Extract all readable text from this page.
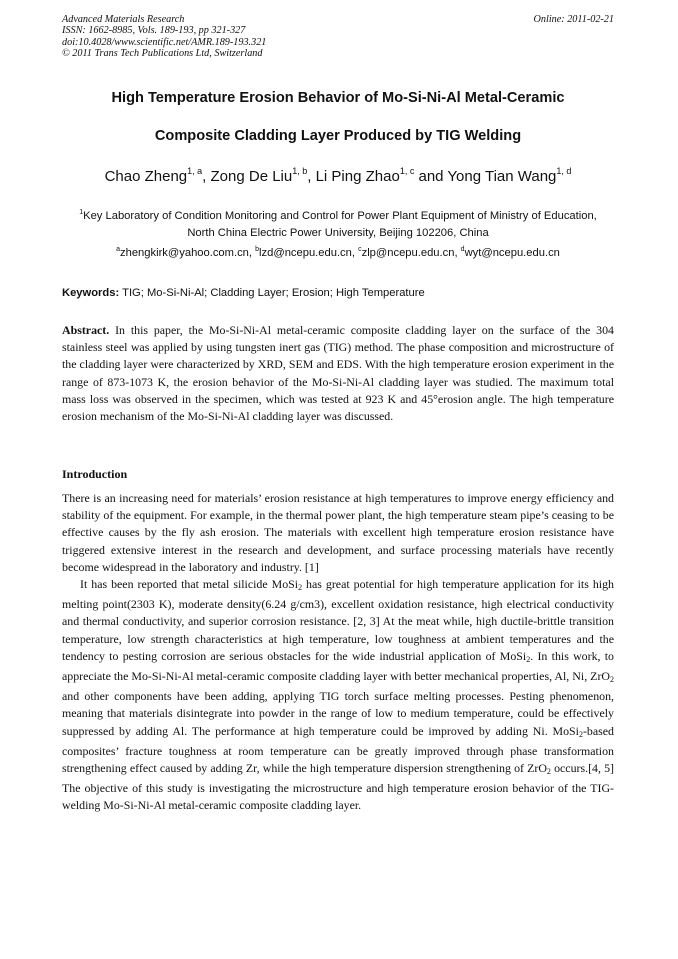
Advanced Materials Research
ISSN: 1662-8985, Vols. 189-193, pp 321-327
doi:10.4028/www.scientific.net/AMR.189-193.321
© 2011 Trans Tech Publications Ltd, Switzerland
Online: 2011-02-21
High Temperature Erosion Behavior of Mo-Si-Ni-Al Metal-Ceramic
Composite Cladding Layer Produced by TIG Welding
Chao Zheng$^{1, a}$, Zong De Liu$^{1, b}$, Li Ping Zhao$^{1, c}$ and Yong Tian Wang$^{1, d}$
$^1$Key Laboratory of Condition Monitoring and Control for Power Plant Equipment of Ministry of Education, North China Electric Power University, Beijing 102206, China
$^a$zhengkirk@yahoo.com.cn, $^b$lzd@ncepu.edu.cn, $^c$zlp@ncepu.edu.cn, $^d$wyt@ncepu.edu.cn
Keywords: TIG; Mo-Si-Ni-Al; Cladding Layer; Erosion; High Temperature
Abstract. In this paper, the Mo-Si-Ni-Al metal-ceramic composite cladding layer on the surface of the 304 stainless steel was applied by using tungsten inert gas (TIG) method. The phase composition and microstructure of the cladding layer were characterized by XRD, SEM and EDS. With the high temperature erosion experiment in the range of 873-1073 K, the erosion behavior of the Mo-Si-Ni-Al cladding layer was studied. The maximum total mass loss was observed in the specimen, which was tested at 923 K and 45°erosion angle. The high temperature erosion mechanism of the Mo-Si-Ni-Al cladding layer was discussed.
Introduction

There is an increasing need for materials’ erosion resistance at high temperatures to improve energy efficiency and stability of the equipment. For example, in the thermal power plant, the high temperature steam pipe’s ceasing to be effective causes by the fly ash erosion. The materials with excellent high temperature erosion resistance have triggered extensive interest in the research and development, and surface processing materials have recently become widespread in the laboratory and industry. [1]

It has been reported that metal silicide MoSi$_2$ has great potential for high temperature application for its high melting point(2303 K), moderate density(6.24 g/cm3), excellent oxidation resistance, high electrical conductivity and thermal conductivity, and superior corrosion resistance. [2, 3] At the meat while, high ductile-brittle transition temperature, low strength characteristics at high temperature, low toughness at ambient temperatures and the tendency to pesting corrosion are serious obstacles for the wide industrial application of MoSi$_2$. In this work, to appreciate the Mo-Si-Ni-Al metal-ceramic composite cladding layer with better mechanical properties, Al, Ni, ZrO$_2$ and other components have been adding, applying TIG torch surface melting processes. Pesting phenomenon, meaning that materials disintegrate into powder in the range of low to medium temperature, could be effectively suppressed by adding Al. The performance at high temperature could be improved by adding Ni. MoSi$_2$-based composites’ fracture toughness at room temperature can be greatly improved through phase transformation strengthening effect caused by adding Zr, while the high temperature dispersion strengthening of ZrO$_2$ occurs.[4, 5] The objective of this study is investigating the microstructure and high temperature erosion behavior of the TIG-welding Mo-Si-Ni-Al metal-ceramic composite cladding layer.
